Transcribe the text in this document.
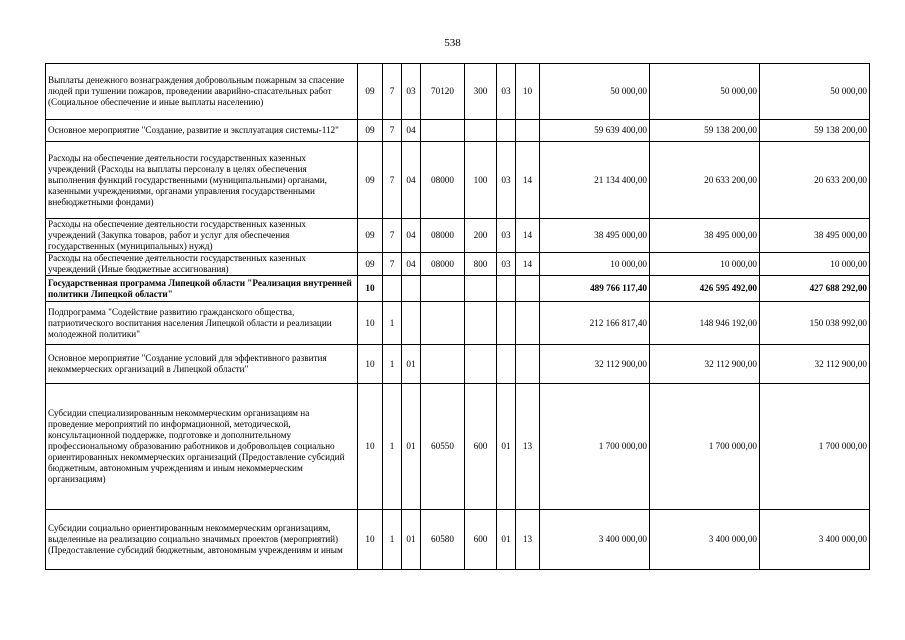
538
Выплаты денежного вознаграждения добровольным пожарным за спасение людей при тушении пожаров, проведении аварийно-спасательных работ (Социальное обеспечение и иные выплаты населению)	09	7	03	70120	300	03	10	50 000,00	50 000,00	50 000,00
Основное мероприятие "Создание, развитие и эксплуатация системы-112"	09	7	04					59 639 400,00	59 138 200,00	59 138 200,00
Расходы на обеспечение деятельности государственных казенных учреждений (Расходы на выплаты персоналу в целях обеспечения выполнения функций государственными (муниципальными) органами, казенными учреждениями, органами управления государственными внебюджетными фондами)	09	7	04	08000	100	03	14	21 134 400,00	20 633 200,00	20 633 200,00
Расходы на обеспечение деятельности государственных казенных учреждений (Закупка товаров, работ и услуг для обеспечения государственных (муниципальных) нужд)	09	7	04	08000	200	03	14	38 495 000,00	38 495 000,00	38 495 000,00
Расходы на обеспечение деятельности государственных казенных учреждений (Иные бюджетные ассигнования)	09	7	04	08000	800	03	14	10 000,00	10 000,00	10 000,00
Государственная программа Липецкой области "Реализация внутренней политики Липецкой области"	10							489 766 117,40	426 595 492,00	427 688 292,00
Подпрограмма "Содействие развитию гражданского общества, патриотического воспитания населения Липецкой области и реализации молодежной политики"	10	1						212 166 817,40	148 946 192,00	150 038 992,00
Основное мероприятие "Создание условий для эффективного развития некоммерческих организаций в Липецкой области"	10	1	01					32 112 900,00	32 112 900,00	32 112 900,00
Субсидии специализированным некоммерческим организациям на проведение мероприятий по информационной, методической, консультационной поддержке, подготовке и дополнительному профессиональному образованию работников и добровольцев социально ориентированных некоммерческих организаций (Предоставление субсидий бюджетным, автономным учреждениям и иным некоммерческим организациям)	10	1	01	60550	600	01	13	1 700 000,00	1 700 000,00	1 700 000,00
Субсидии социально ориентированным некоммерческим организациям, выделенные на реализацию социально значимых проектов (мероприятий) (Предоставление субсидий бюджетным, автономным учреждениям и иным	10	1	01	60580	600	01	13	3 400 000,00	3 400 000,00	3 400 000,00
